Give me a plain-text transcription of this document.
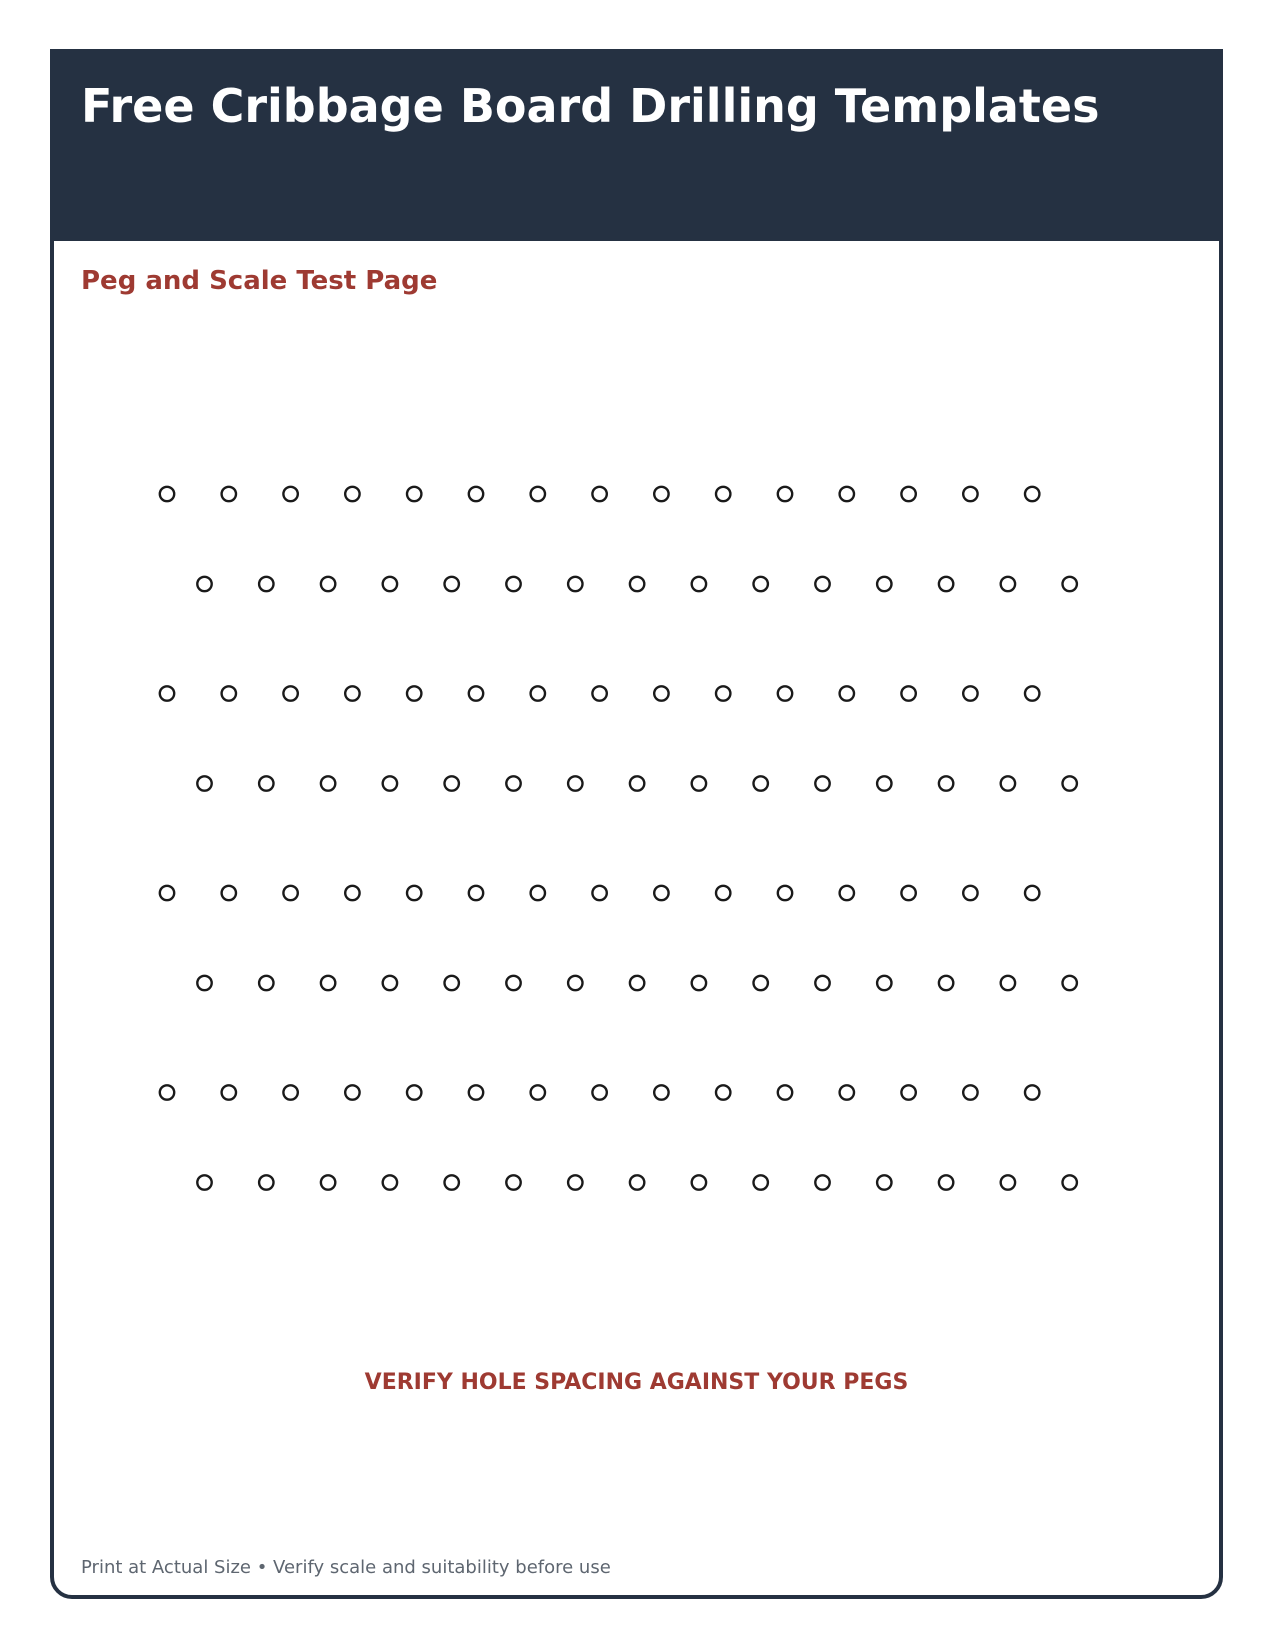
Free Cribbage Board Drilling Templates
Peg and Scale Test Page

VERIFY HOLE SPACING AGAINST YOUR PEGS

Print at Actual Size • Verify scale and suitability before use
